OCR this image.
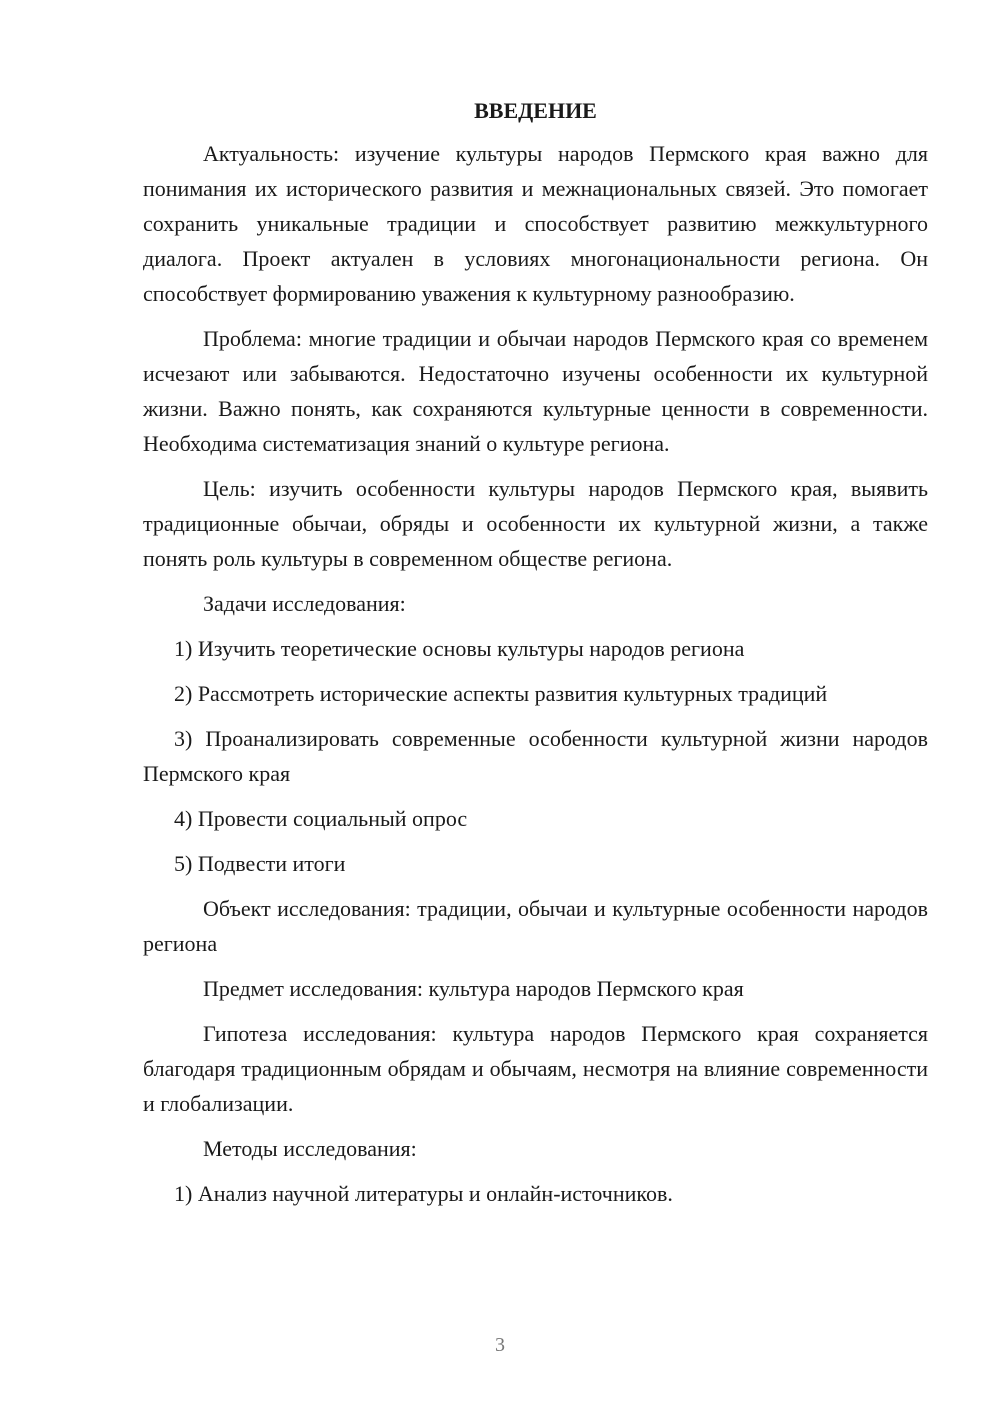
ВВЕДЕНИЕ

Актуальность: изучение культуры народов Пермского края важно для понимания их исторического развития и межнациональных связей. Это помогает сохранить уникальные традиции и способствует развитию межкультурного диалога. Проект актуален в условиях многонациональности региона. Он способствует формированию уважения к культурному разнообразию.

Проблема: многие традиции и обычаи народов Пермского края со временем исчезают или забываются. Недостаточно изучены особенности их культурной жизни. Важно понять, как сохраняются культурные ценности в современности. Необходима систематизация знаний о культуре региона.

Цель: изучить особенности культуры народов Пермского края, выявить традиционные обычаи, обряды и особенности их культурной жизни, а также понять роль культуры в современном обществе региона.

Задачи исследования:

1) Изучить теоретические основы культуры народов региона

2) Рассмотреть исторические аспекты развития культурных традиций

3) Проанализировать современные особенности культурной жизни народов Пермского края

4) Провести социальный опрос

5) Подвести итоги

Объект исследования: традиции, обычаи и культурные особенности народов региона

Предмет исследования: культура народов Пермского края

Гипотеза исследования: культура народов Пермского края сохраняется благодаря традиционным обрядам и обычаям, несмотря на влияние современности и глобализации.

Методы исследования:

1) Анализ научной литературы и онлайн-источников.

3
